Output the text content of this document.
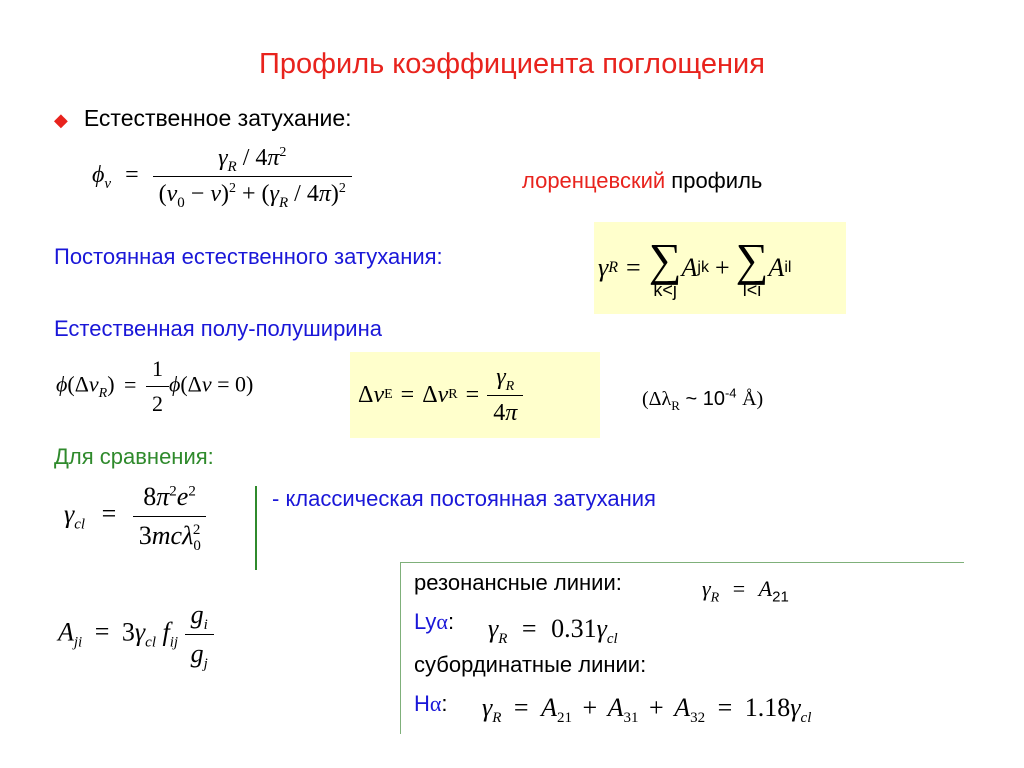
Профиль коэффициента поглощения
◆ Естественное затухание:
$\phi_\nu = \frac{\gamma_R / 4\pi^2}{(\nu_0 - \nu)^2 + (\gamma_R / 4\pi)^2}$	лоренцевский профиль
Постоянная естественного затухания:	γ R = ∑
k<j
A jk + ∑
l<i
A il
Естественная полу-полуширина
$\phi(\Delta\nu_R) = \frac{1}{2} \phi(\Delta\nu = 0)$	Δ ν E = Δ ν $R = \frac{\gamma_R}{4\pi}$	($\Delta\lambda_R$ ~ $10^{-4}$ Å)
Для сравнения:
$\gamma_{cl} = \frac{8\pi^2e^2}{3mc\lambda_0^2}$	- классическая постоянная затухания
$A_{ji} = 3\gamma_{cl}$ $f_{ij} \frac{g_i}{g_j}$
резонансные линии:	$\gamma_R = A_{21}$
Lyα: $\gamma_R = 0.31\gamma_{cl}$
субординатные линии:
Hα: $\gamma_R = A_{21} + A_{31} + A_{32} = 1.18\gamma_{cl}$
